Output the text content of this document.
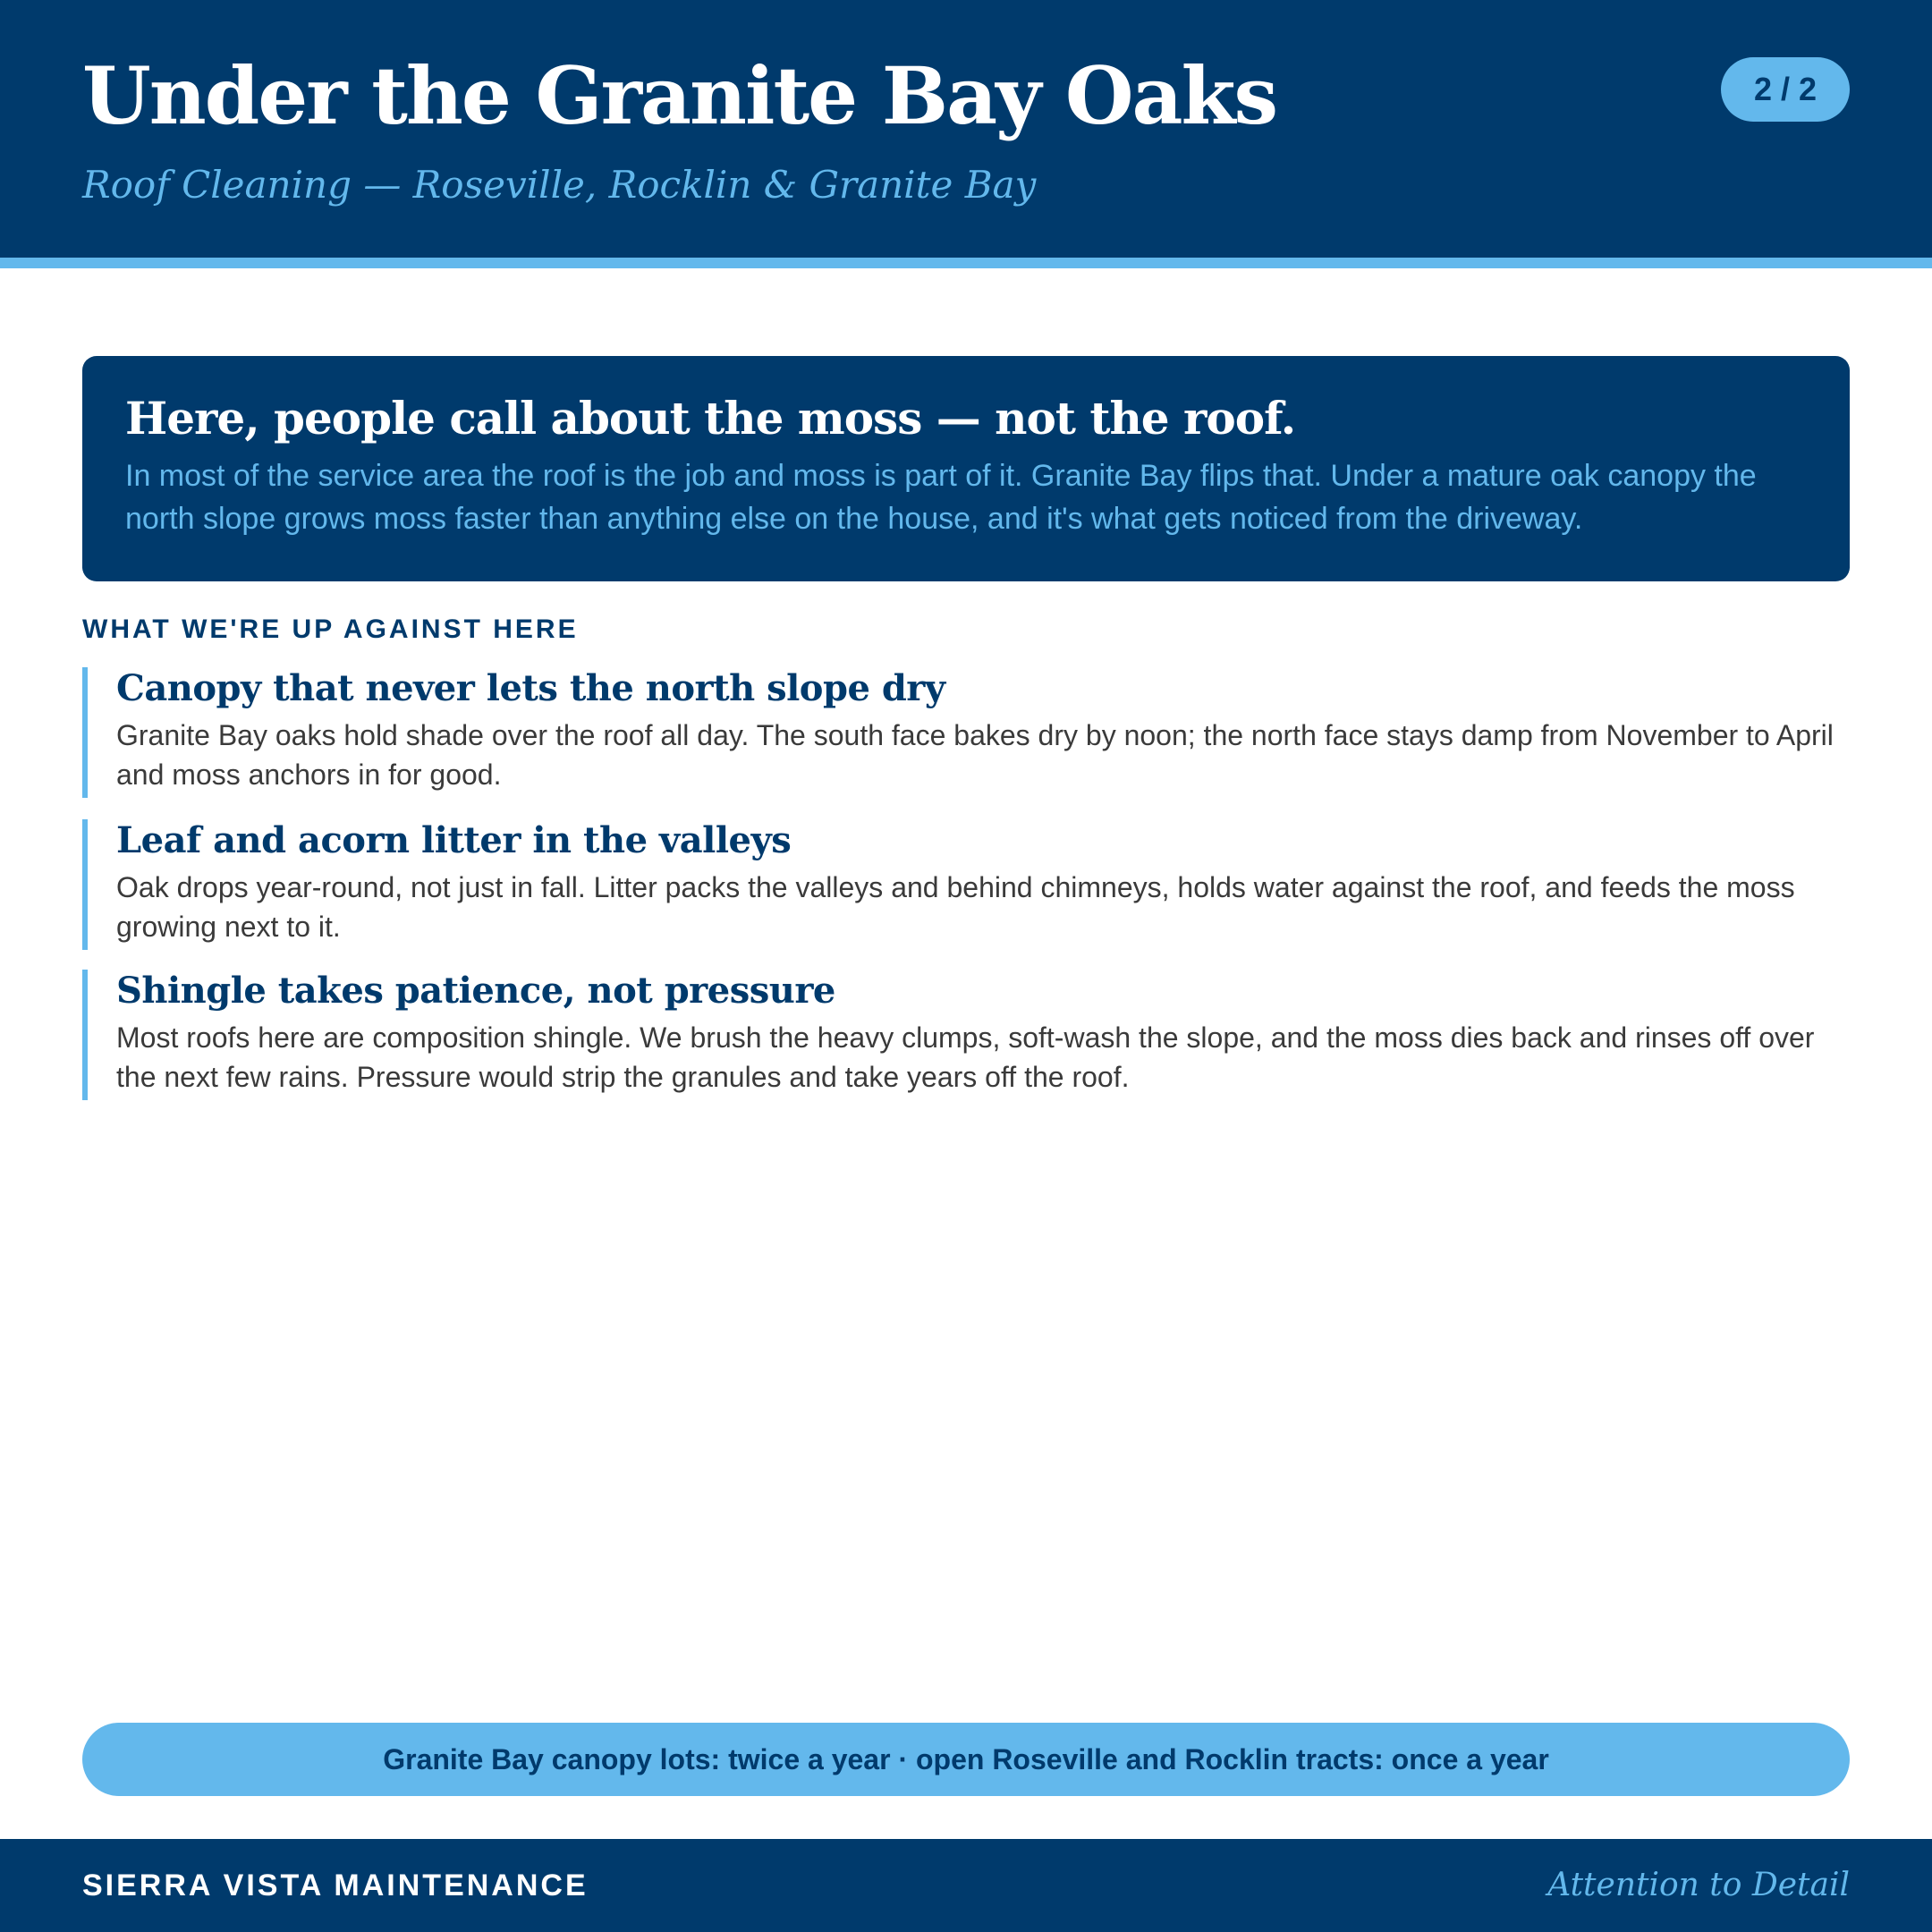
Under the Granite Bay Oaks
Roof Cleaning — Roseville, Rocklin & Granite Bay
2 / 2
Here, people call about the moss — not the roof.

In most of the service area the roof is the job and moss is part of it. Granite Bay flips that. Under a mature oak canopy the north slope grows moss faster than anything else on the house, and it's what gets noticed from the driveway.

WHAT WE'RE UP AGAINST HERE
Canopy that never lets the north slope dry

Granite Bay oaks hold shade over the roof all day. The south face bakes dry by noon; the north face stays damp from November to April and moss anchors in for good.

Leaf and acorn litter in the valleys

Oak drops year-round, not just in fall. Litter packs the valleys and behind chimneys, holds water against the roof, and feeds the moss growing next to it.

Shingle takes patience, not pressure

Most roofs here are composition shingle. We brush the heavy clumps, soft-wash the slope, and the moss dies back and rinses off over the next few rains. Pressure would strip the granules and take years off the roof.

Granite Bay canopy lots: twice a year · open Roseville and Rocklin tracts: once a year
SIERRA VISTA MAINTENANCE	Attention to Detail
